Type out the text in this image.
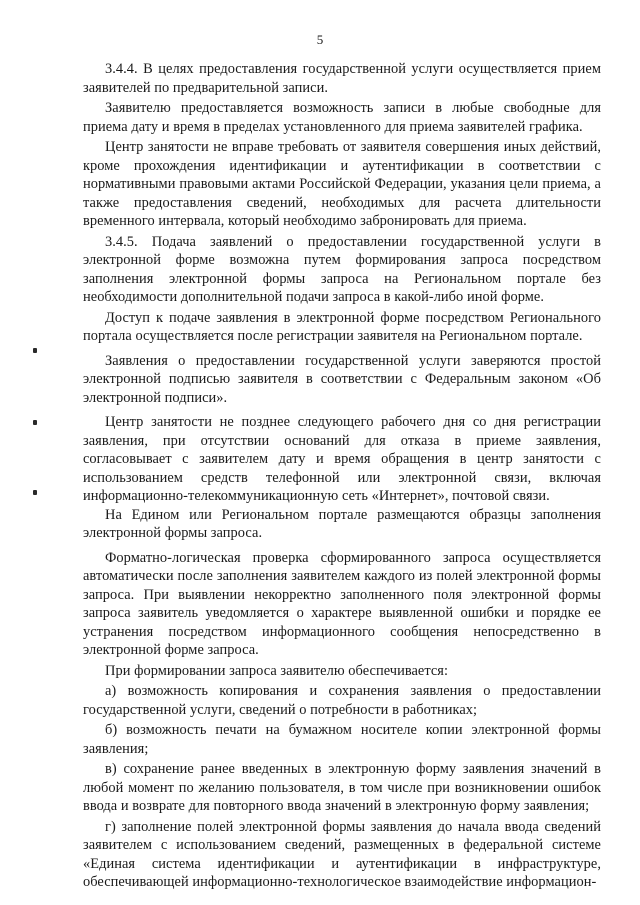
5

3.4.4. В целях предоставления государственной услуги осуществляется прием заявителей по предварительной записи.

Заявителю предоставляется возможность записи в любые свободные для приема дату и время в пределах установленного для приема заявителей графика.

Центр занятости не вправе требовать от заявителя совершения иных действий, кроме прохождения идентификации и аутентификации в соответствии с нормативными правовыми актами Российской Федерации, указания цели приема, а также предоставления сведений, необходимых для расчета длительности временного интервала, который необходимо забронировать для приема.

3.4.5. Подача заявлений о предоставлении государственной услуги в электронной форме возможна путем формирования запроса посредством заполнения электронной формы запроса на Региональном портале без необходимости дополнительной подачи запроса в какой-либо иной форме.

Доступ к подаче заявления в электронной форме посредством Регионального портала осуществляется после регистрации заявителя на Региональном портале.

Заявления о предоставлении государственной услуги заверяются простой электронной подписью заявителя в соответствии с Федеральным законом «Об электронной подписи».

Центр занятости не позднее следующего рабочего дня со дня регистрации заявления, при отсутствии оснований для отказа в приеме заявления, согласовывает с заявителем дату и время обращения в центр занятости с использованием средств телефонной или электронной связи, включая информационно-телекоммуникационную сеть «Интернет», почтовой связи.

На Едином или Региональном портале размещаются образцы заполнения электронной формы запроса.

Форматно-логическая проверка сформированного запроса осуществляется автоматически после заполнения заявителем каждого из полей электронной формы запроса. При выявлении некорректно заполненного поля электронной формы запроса заявитель уведомляется о характере выявленной ошибки и порядке ее устранения посредством информационного сообщения непосредственно в электронной форме запроса.

При формировании запроса заявителю обеспечивается:

а) возможность копирования и сохранения заявления о предоставлении государственной услуги, сведений о потребности в работниках;

б) возможность печати на бумажном носителе копии электронной формы заявления;

в) сохранение ранее введенных в электронную форму заявления значений в любой момент по желанию пользователя, в том числе при возникновении ошибок ввода и возврате для повторного ввода значений в электронную форму заявления;

г) заполнение полей электронной формы заявления до начала ввода сведений заявителем с использованием сведений, размещенных в федеральной системе «Единая система идентификации и аутентификации в инфраструктуре, обеспечивающей информационно-технологическое взаимодействие информацион-
